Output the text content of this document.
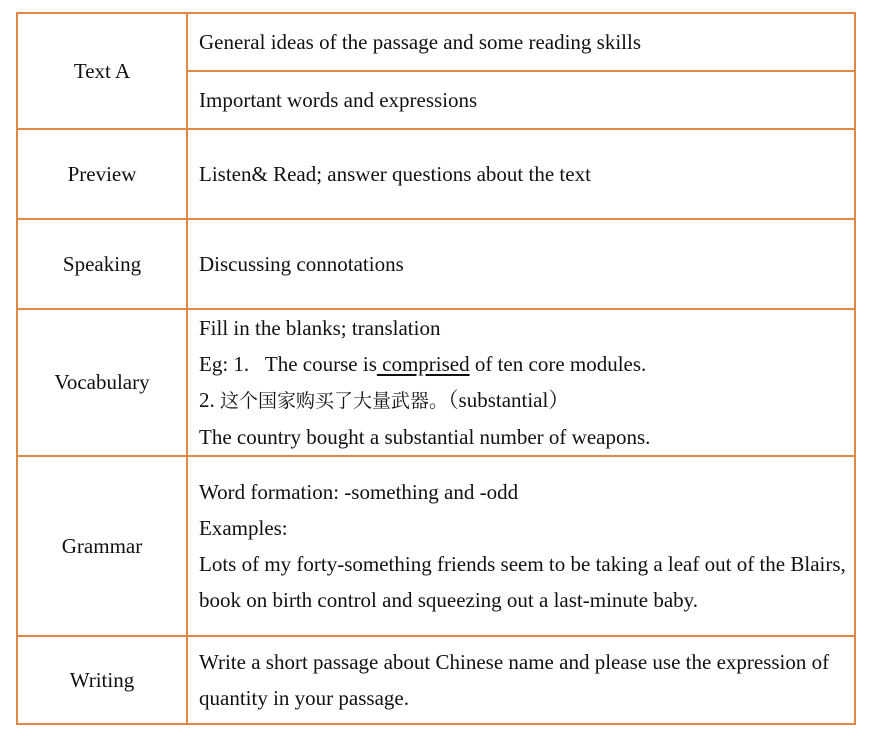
Text A	General ideas of the passage and some reading skills
	Important words and expressions
Preview	Listen& Read; answer questions about the text
Speaking	Discussing connotations
Vocabulary	Fill in the blanks; translation
Eg: 1.   The course is comprised of ten core modules.
2. 这个国家购买了大量武器。（substantial）
The country bought a substantial number of weapons.

Grammar	Word formation: -something and -odd
Examples:
Lots of my forty-something friends seem to be taking a leaf out of the Blairs, book on birth control and squeezing out a last-minute baby.

Writing	Write a short passage about Chinese name and please use the expression of quantity in your passage.
